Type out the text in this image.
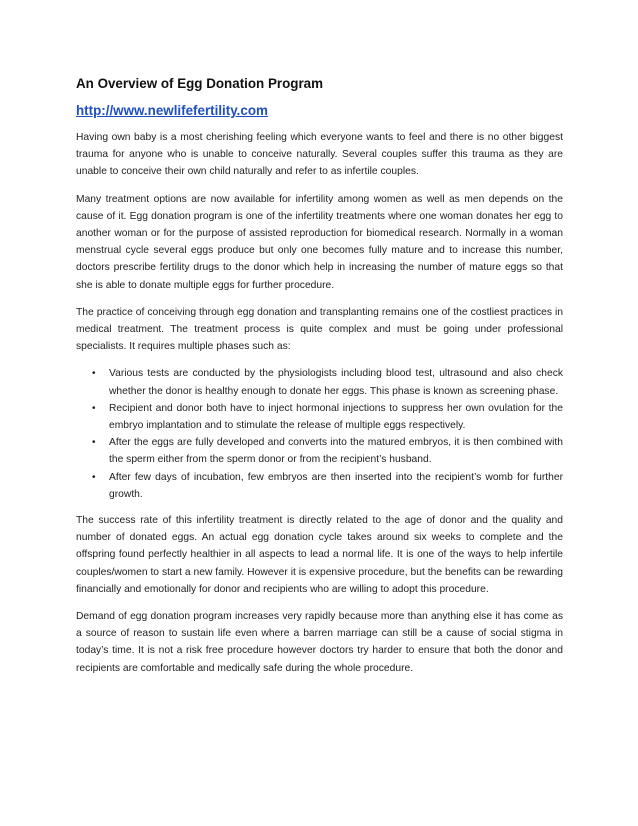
An Overview of Egg Donation Program
http://www.newlifefertility.com

Having own baby is a most cherishing feeling which everyone wants to feel and there is no other biggest trauma for anyone who is unable to conceive naturally. Several couples suffer this trauma as they are unable to conceive their own child naturally and refer to as infertile couples.

Many treatment options are now available for infertility among women as well as men depends on the cause of it. Egg donation program is one of the infertility treatments where one woman donates her egg to another woman or for the purpose of assisted reproduction for biomedical research. Normally in a woman menstrual cycle several eggs produce but only one becomes fully mature and to increase this number, doctors prescribe fertility drugs to the donor which help in increasing the number of mature eggs so that she is able to donate multiple eggs for further procedure.

The practice of conceiving through egg donation and transplanting remains one of the costliest practices in medical treatment. The treatment process is quite complex and must be going under professional specialists. It requires multiple phases such as:

• Various tests are conducted by the physiologists including blood test, ultrasound and also check whether the donor is healthy enough to donate her eggs. This phase is known as screening phase.
• Recipient and donor both have to inject hormonal injections to suppress her own ovulation for the embryo implantation and to stimulate the release of multiple eggs respectively.
• After the eggs are fully developed and converts into the matured embryos, it is then combined with the sperm either from the sperm donor or from the recipient’s husband.
• After few days of incubation, few embryos are then inserted into the recipient’s womb for further growth.

The success rate of this infertility treatment is directly related to the age of donor and the quality and number of donated eggs. An actual egg donation cycle takes around six weeks to complete and the offspring found perfectly healthier in all aspects to lead a normal life. It is one of the ways to help infertile couples/women to start a new family. However it is expensive procedure, but the benefits can be rewarding financially and emotionally for donor and recipients who are willing to adopt this procedure.

Demand of egg donation program increases very rapidly because more than anything else it has come as a source of reason to sustain life even where a barren marriage can still be a cause of social stigma in today’s time. It is not a risk free procedure however doctors try harder to ensure that both the donor and recipients are comfortable and medically safe during the whole procedure.
